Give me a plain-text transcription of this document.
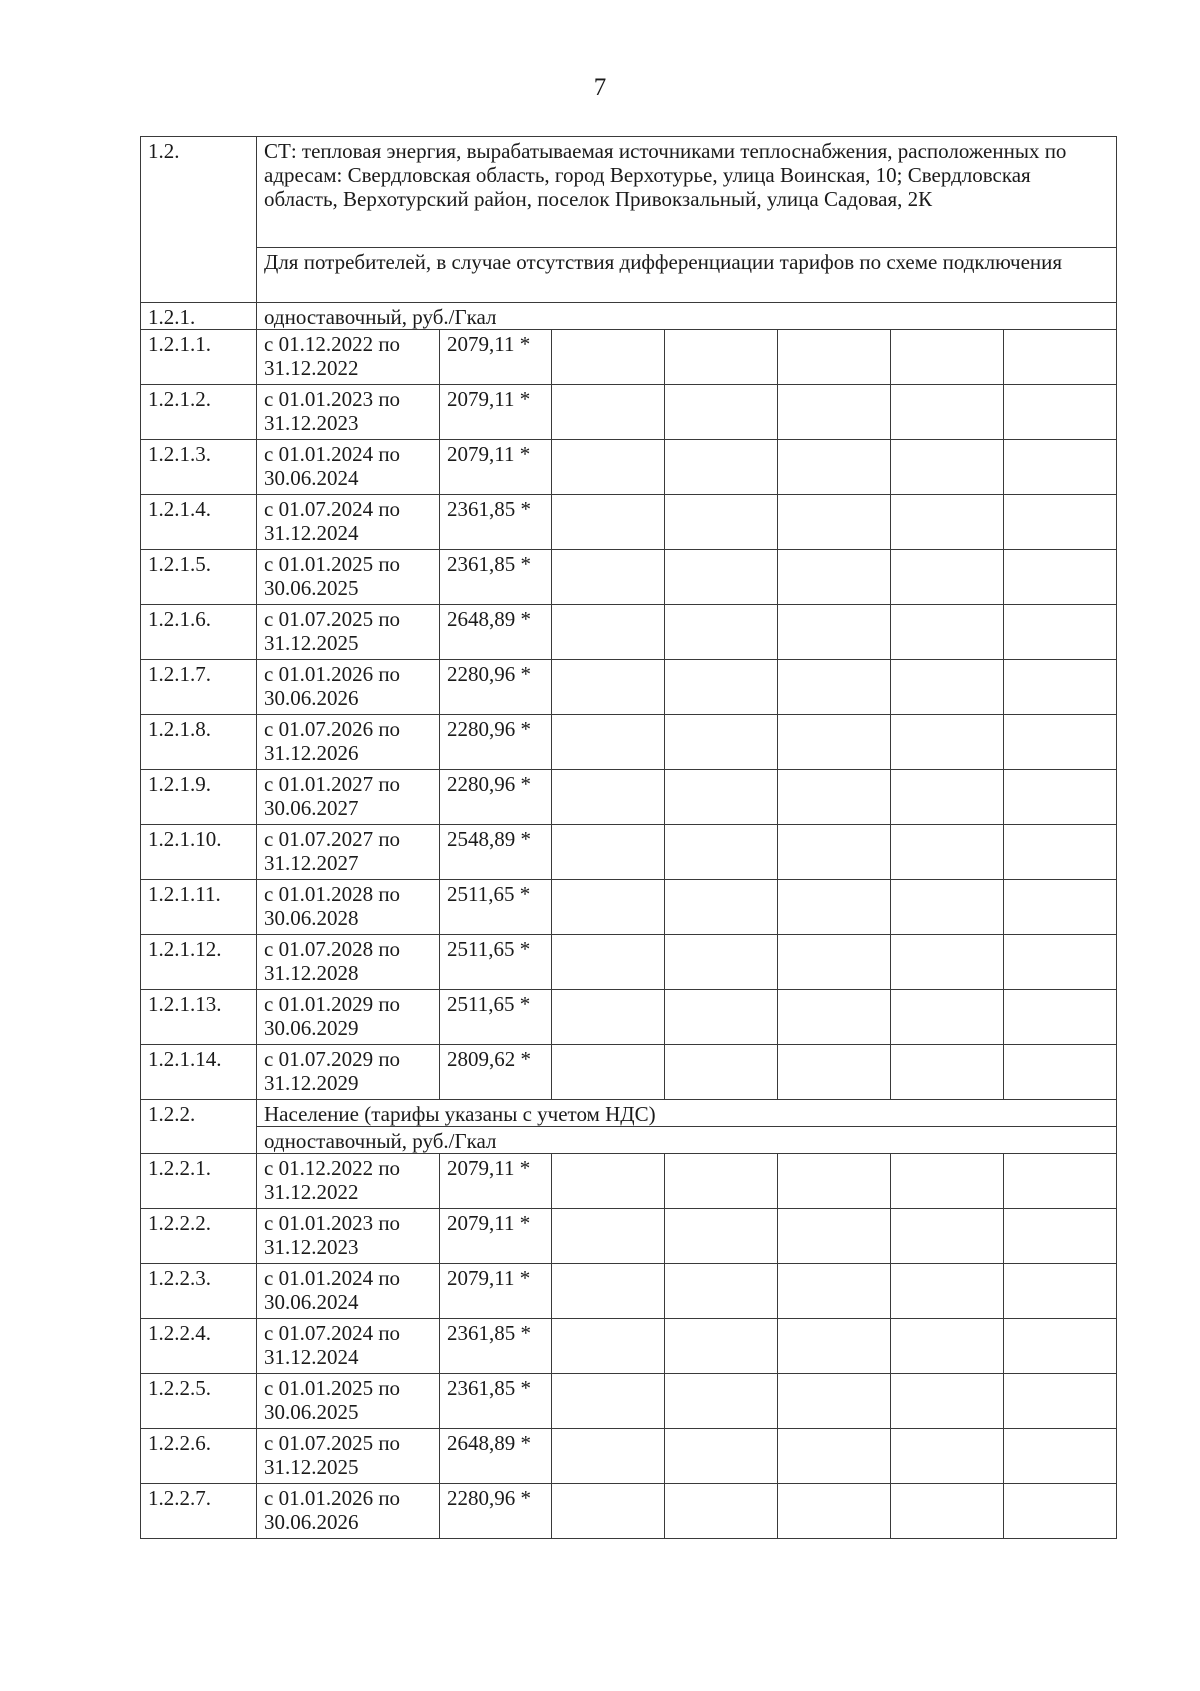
7
1.2.	СТ: тепловая энергия, вырабатываемая источниками теплоснабжения, расположенных по адресам: Свердловская область, город Верхотурье, улица Воинская, 10; Свердловская область, Верхотурский район, поселок Привокзальный, улица Садовая, 2К						
	Для потребителей, в случае отсутствия дифференциации тарифов по схеме подключения						
1.2.1.	одноставочный, руб./Гкал						
1.2.1.1.	с 01.12.2022 по 31.12.2022	2079,11 *					
1.2.1.2.	с 01.01.2023 по 31.12.2023	2079,11 *					
1.2.1.3.	с 01.01.2024 по 30.06.2024	2079,11 *					
1.2.1.4.	с 01.07.2024 по 31.12.2024	2361,85 *					
1.2.1.5.	с 01.01.2025 по 30.06.2025	2361,85 *					
1.2.1.6.	с 01.07.2025 по 31.12.2025	2648,89 *					
1.2.1.7.	с 01.01.2026 по 30.06.2026	2280,96 *					
1.2.1.8.	с 01.07.2026 по 31.12.2026	2280,96 *					
1.2.1.9.	с 01.01.2027 по 30.06.2027	2280,96 *					
1.2.1.10.	с 01.07.2027 по 31.12.2027	2548,89 *					
1.2.1.11.	с 01.01.2028 по 30.06.2028	2511,65 *					
1.2.1.12.	с 01.07.2028 по 31.12.2028	2511,65 *					
1.2.1.13.	с 01.01.2029 по 30.06.2029	2511,65 *					
1.2.1.14.	с 01.07.2029 по 31.12.2029	2809,62 *					
1.2.2.	Население (тарифы указаны с учетом НДС)						
	одноставочный, руб./Гкал						
1.2.2.1.	с 01.12.2022 по 31.12.2022	2079,11 *					
1.2.2.2.	с 01.01.2023 по 31.12.2023	2079,11 *					
1.2.2.3.	с 01.01.2024 по 30.06.2024	2079,11 *					
1.2.2.4.	с 01.07.2024 по 31.12.2024	2361,85 *					
1.2.2.5.	с 01.01.2025 по 30.06.2025	2361,85 *					
1.2.2.6.	с 01.07.2025 по 31.12.2025	2648,89 *					
1.2.2.7.	с 01.01.2026 по 30.06.2026	2280,96 *					
